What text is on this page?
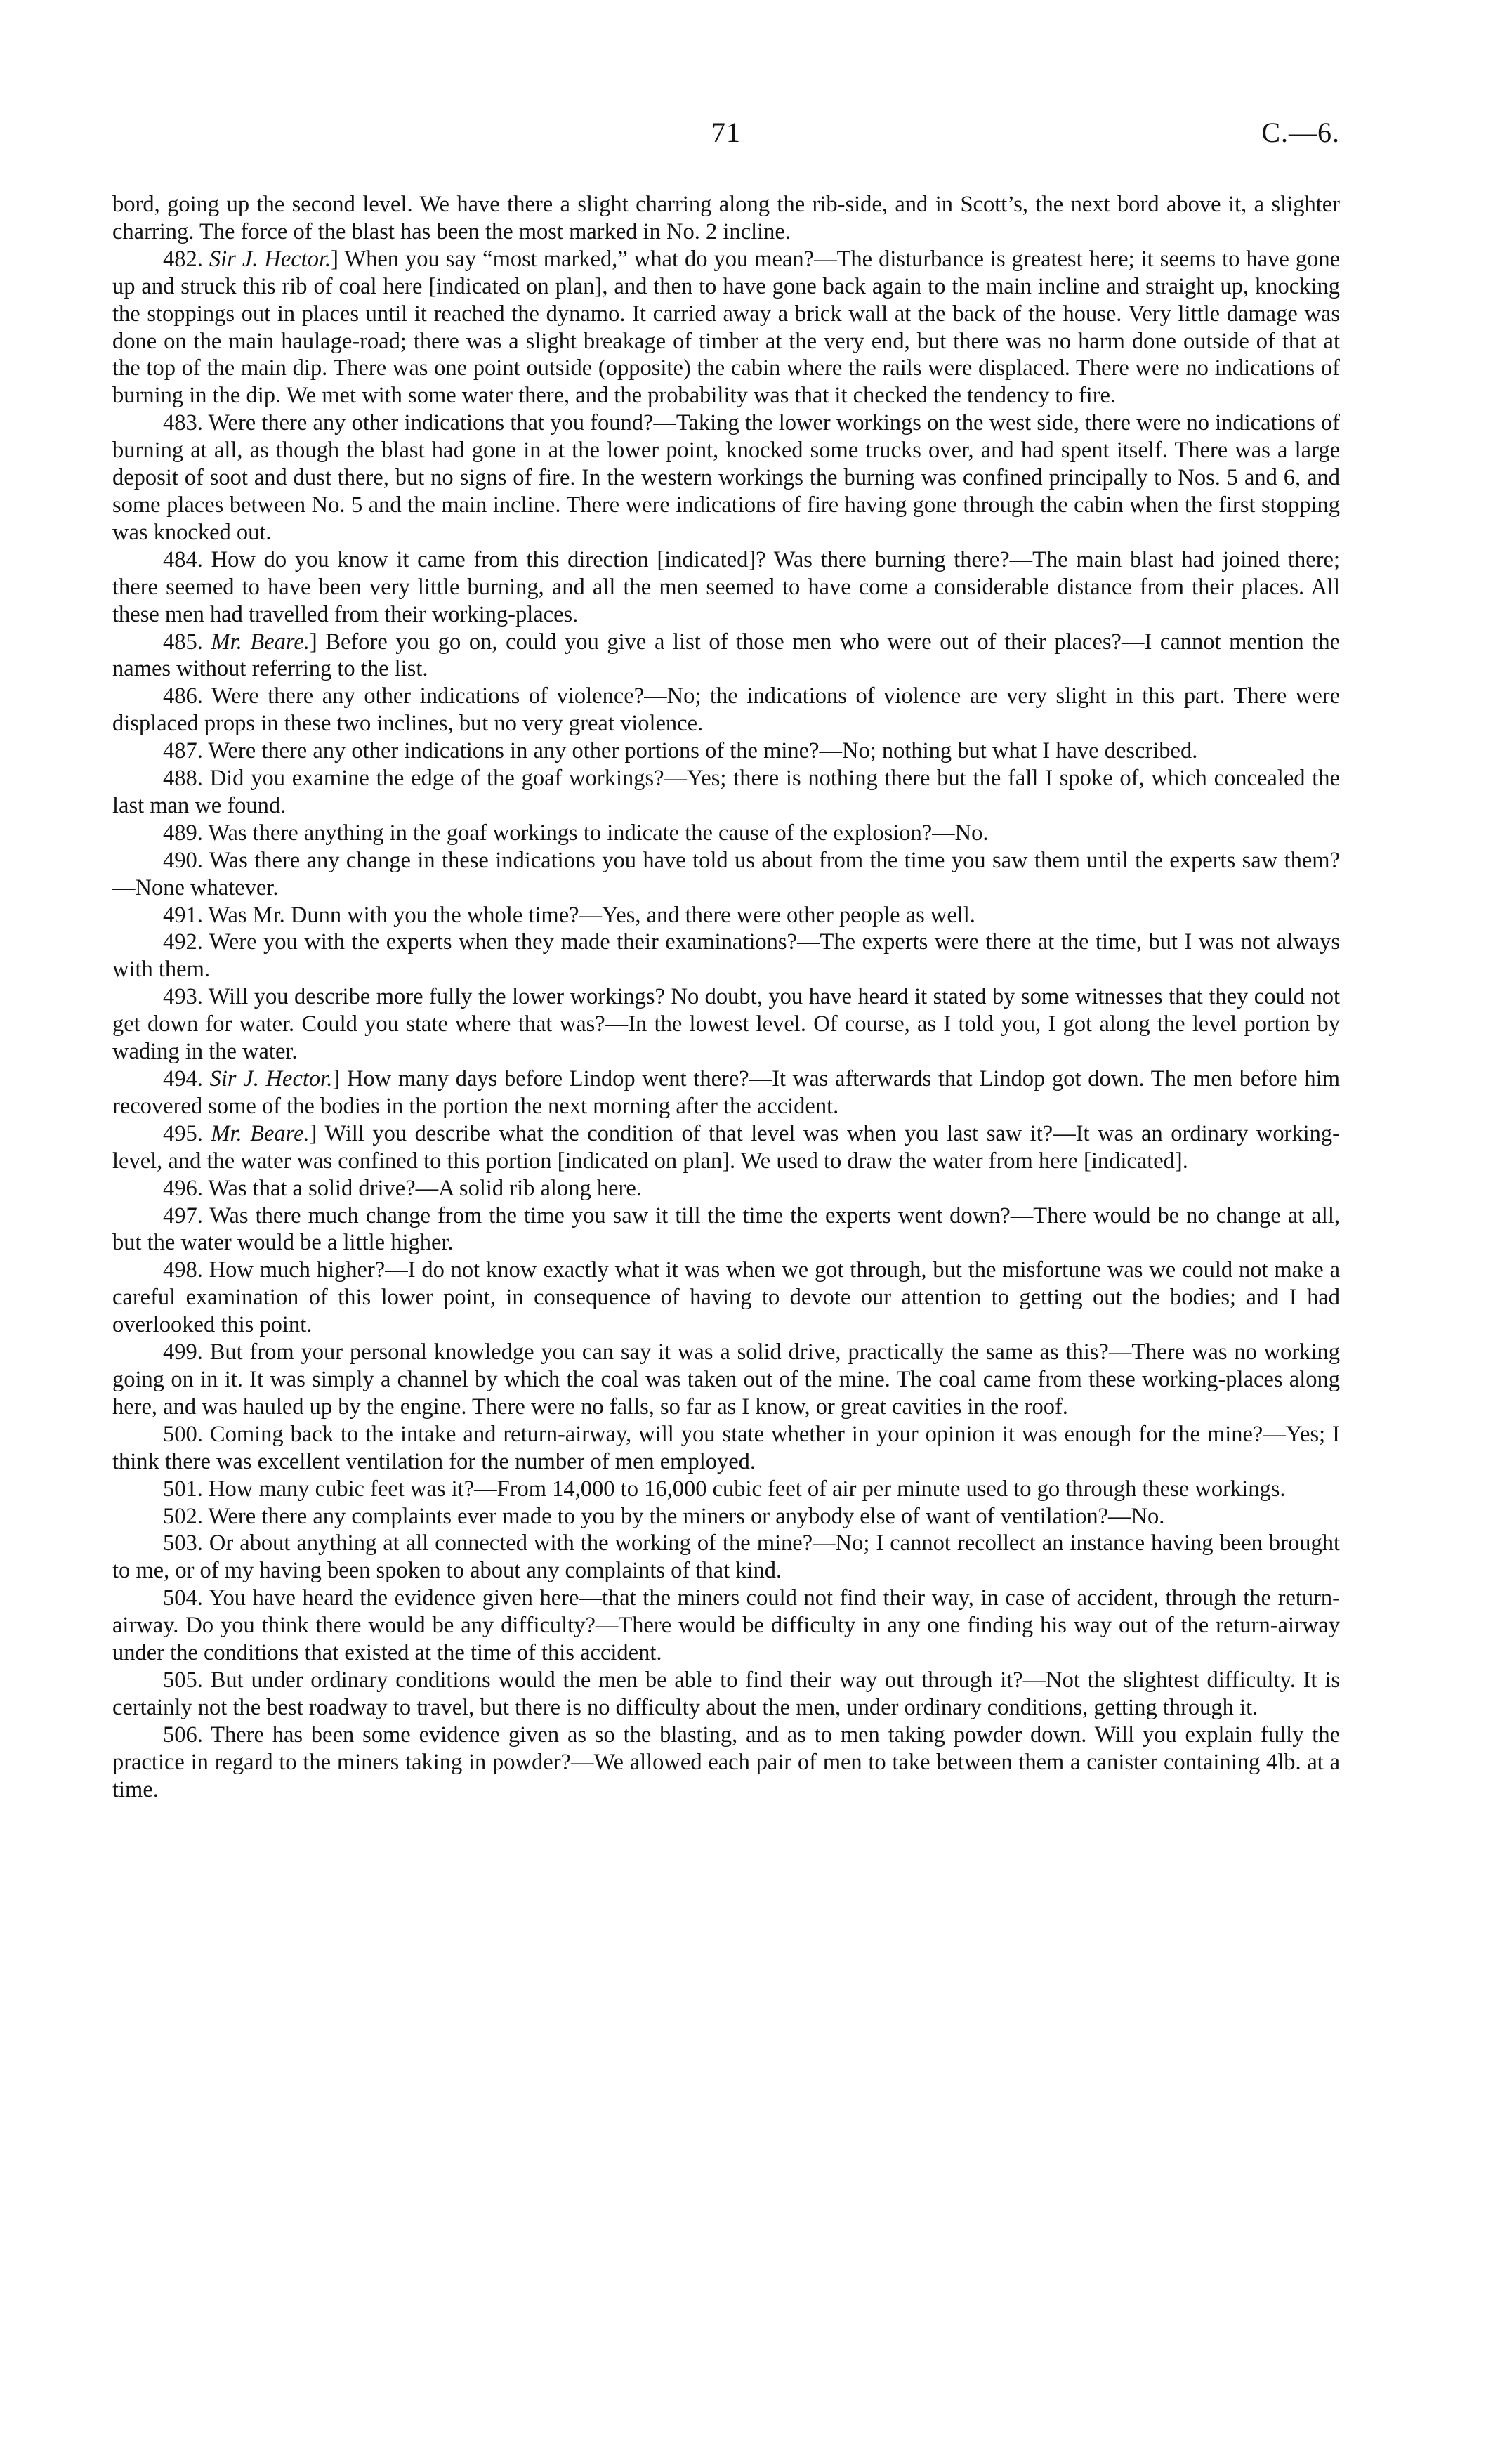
71	C.—6.

bord, going up the second level. We have there a slight charring along the rib-side, and in Scott’s, the next bord above it, a slighter charring. The force of the blast has been the most marked in No. 2 incline.

482. Sir J. Hector.] When you say “most marked,” what do you mean?—The disturbance is greatest here; it seems to have gone up and struck this rib of coal here [indicated on plan], and then to have gone back again to the main incline and straight up, knocking the stoppings out in places until it reached the dynamo. It carried away a brick wall at the back of the house. Very little damage was done on the main haulage-road; there was a slight breakage of timber at the very end, but there was no harm done outside of that at the top of the main dip. There was one point outside (opposite) the cabin where the rails were displaced. There were no indications of burning in the dip. We met with some water there, and the probability was that it checked the tendency to fire.

483. Were there any other indications that you found?—Taking the lower workings on the west side, there were no indications of burning at all, as though the blast had gone in at the lower point, knocked some trucks over, and had spent itself. There was a large deposit of soot and dust there, but no signs of fire. In the western workings the burning was confined principally to Nos. 5 and 6, and some places between No. 5 and the main incline. There were indications of fire having gone through the cabin when the first stopping was knocked out.

484. How do you know it came from this direction [indicated]? Was there burning there?—The main blast had joined there; there seemed to have been very little burning, and all the men seemed to have come a considerable distance from their places. All these men had travelled from their working-places.

485. Mr. Beare.] Before you go on, could you give a list of those men who were out of their places?—I cannot mention the names without referring to the list.

486. Were there any other indications of violence?—No; the indications of violence are very slight in this part. There were displaced props in these two inclines, but no very great violence.

487. Were there any other indications in any other portions of the mine?—No; nothing but what I have described.

488. Did you examine the edge of the goaf workings?—Yes; there is nothing there but the fall I spoke of, which concealed the last man we found.

489. Was there anything in the goaf workings to indicate the cause of the explosion?—No.

490. Was there any change in these indications you have told us about from the time you saw them until the experts saw them?—None whatever.

491. Was Mr. Dunn with you the whole time?—Yes, and there were other people as well.

492. Were you with the experts when they made their examinations?—The experts were there at the time, but I was not always with them.

493. Will you describe more fully the lower workings? No doubt, you have heard it stated by some witnesses that they could not get down for water. Could you state where that was?—In the lowest level. Of course, as I told you, I got along the level portion by wading in the water.

494. Sir J. Hector.] How many days before Lindop went there?—It was afterwards that Lindop got down. The men before him recovered some of the bodies in the portion the next morning after the accident.

495. Mr. Beare.] Will you describe what the condition of that level was when you last saw it?—It was an ordinary working-level, and the water was confined to this portion [indicated on plan]. We used to draw the water from here [indicated].

496. Was that a solid drive?—A solid rib along here.

497. Was there much change from the time you saw it till the time the experts went down?—There would be no change at all, but the water would be a little higher.

498. How much higher?—I do not know exactly what it was when we got through, but the misfortune was we could not make a careful examination of this lower point, in consequence of having to devote our attention to getting out the bodies; and I had overlooked this point.

499. But from your personal knowledge you can say it was a solid drive, practically the same as this?—There was no working going on in it. It was simply a channel by which the coal was taken out of the mine. The coal came from these working-places along here, and was hauled up by the engine. There were no falls, so far as I know, or great cavities in the roof.

500. Coming back to the intake and return-airway, will you state whether in your opinion it was enough for the mine?—Yes; I think there was excellent ventilation for the number of men employed.

501. How many cubic feet was it?—From 14,000 to 16,000 cubic feet of air per minute used to go through these workings.

502. Were there any complaints ever made to you by the miners or anybody else of want of ventilation?—No.

503. Or about anything at all connected with the working of the mine?—No; I cannot recollect an instance having been brought to me, or of my having been spoken to about any complaints of that kind.

504. You have heard the evidence given here—that the miners could not find their way, in case of accident, through the return-airway. Do you think there would be any difficulty?—There would be difficulty in any one finding his way out of the return-airway under the conditions that existed at the time of this accident.

505. But under ordinary conditions would the men be able to find their way out through it?—Not the slightest difficulty. It is certainly not the best roadway to travel, but there is no difficulty about the men, under ordinary conditions, getting through it.

506. There has been some evidence given as so the blasting, and as to men taking powder down. Will you explain fully the practice in regard to the miners taking in powder?—We allowed each pair of men to take between them a canister containing 4lb. at a time.
